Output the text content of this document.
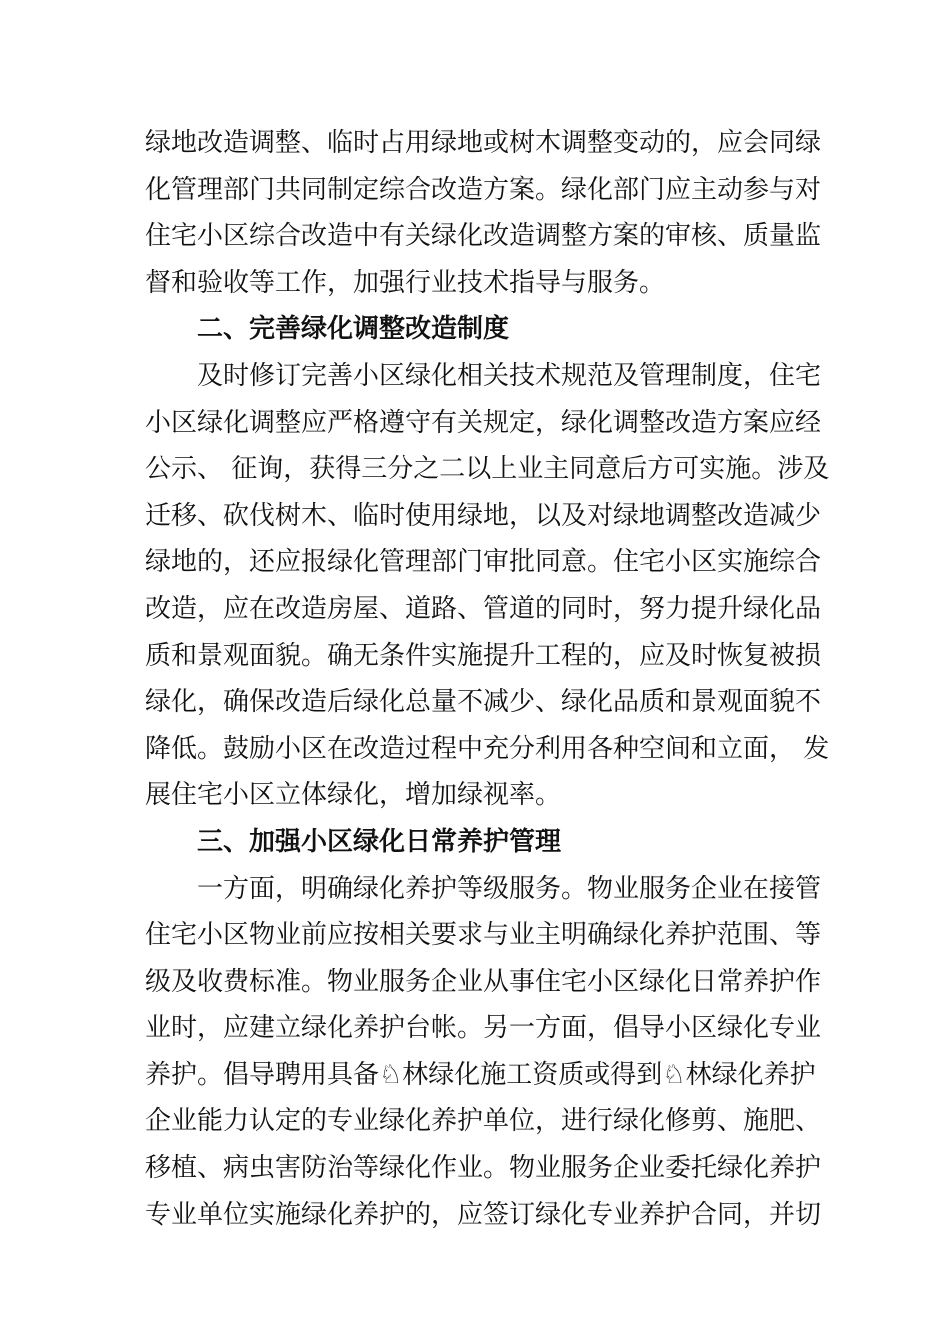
绿地改造调整、临时占用绿地或树木调整变动的，应会同绿
化管理部门共同制定综合改造方案。绿化部门应主动参与对
住宅小区综合改造中有关绿化改造调整方案的审核、质量监
督和验收等工作，加强行业技术指导与服务。
二、完善绿化调整改造制度
及时修订完善小区绿化相关技术规范及管理制度，住宅
小区绿化调整应严格遵守有关规定，绿化调整改造方案应经
公示、 征询，获得三分之二以上业主同意后方可实施。涉及
迁移、砍伐树木、临时使用绿地，以及对绿地调整改造减少
绿地的，还应报绿化管理部门审批同意。住宅小区实施综合
改造，应在改造房屋、道路、管道的同时，努力提升绿化品
质和景观面貌。确无条件实施提升工程的，应及时恢复被损
绿化，确保改造后绿化总量不减少、绿化品质和景观面貌不
降低。鼓励小区在改造过程中充分利用各种空间和立面， 发
展住宅小区立体绿化，增加绿视率。
三、加强小区绿化日常养护管理
一方面，明确绿化养护等级服务。物业服务企业在接管
住宅小区物业前应按相关要求与业主明确绿化养护范围、等
级及收费标准。物业服务企业从事住宅小区绿化日常养护作
业时，应建立绿化养护台帐。另一方面，倡导小区绿化专业
养护。倡导聘用具备♘林绿化施工资质或得到♘林绿化养护
企业能力认定的专业绿化养护单位，进行绿化修剪、施肥、
移植、病虫害防治等绿化作业。物业服务企业委托绿化养护
专业单位实施绿化养护的，应签订绿化专业养护合同，并切
